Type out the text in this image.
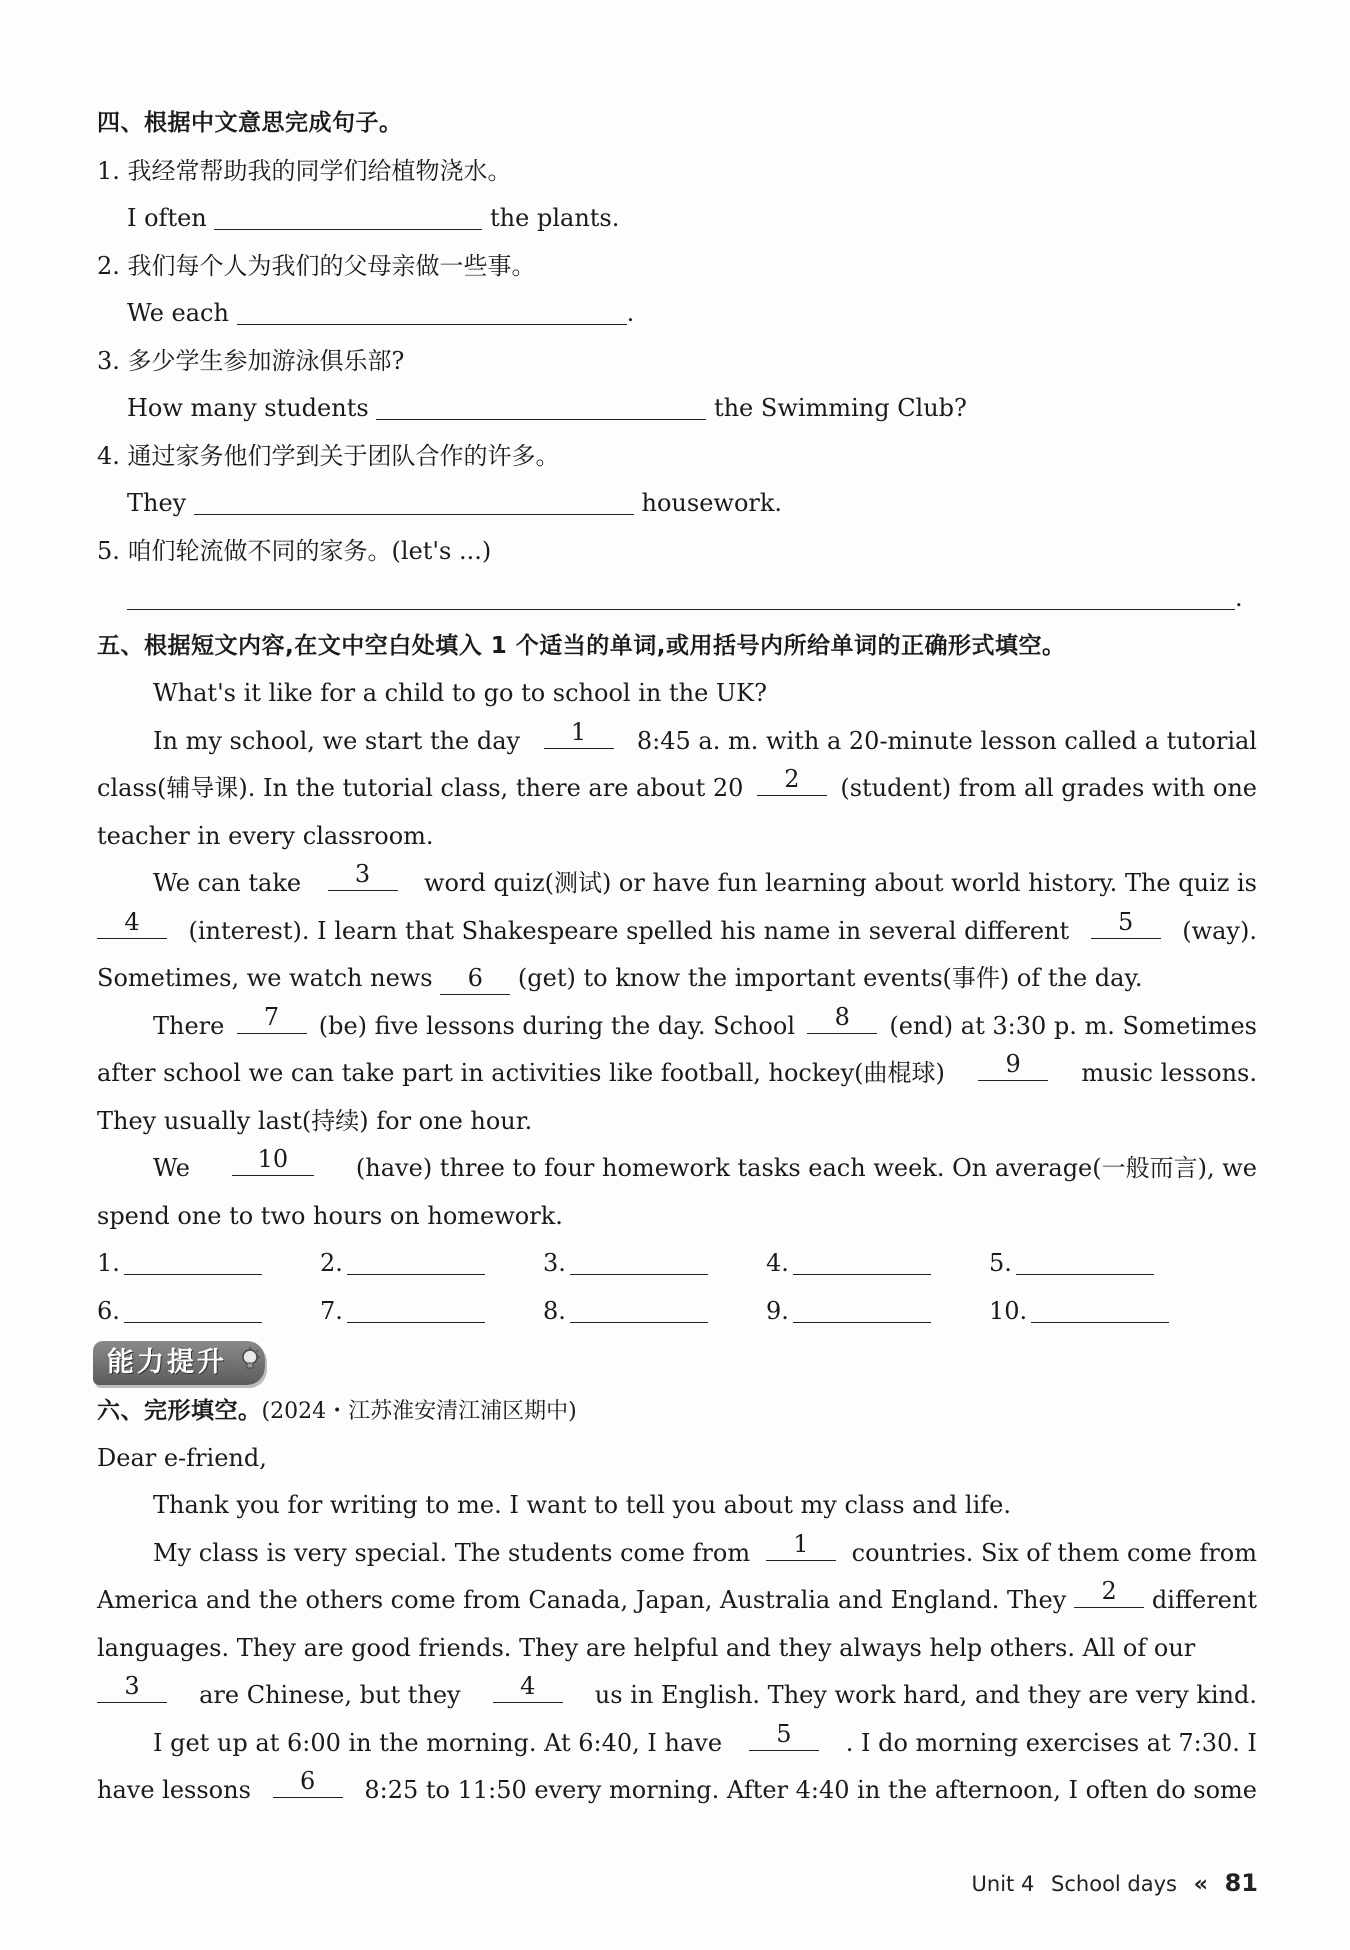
四、根据中文意思完成句子。
1. 我经常帮助我的同学们给植物浇水。
I often	the plants.
2. 我们每个人为我们的父母亲做一些事。
We each	.
3. 多少学生参加游泳俱乐部?
How many students	the Swimming Club?
4. 通过家务他们学到关于团队合作的许多。
They	housework.
5. 咱们轮流做不同的家务。(let's ...)
.
五、根据短文内容,在文中空白处填入 1 个适当的单词,或用括号内所给单词的正确形式填空。
What's it like for a child to go to school in the UK?
In my school, we start the day	1	8:45 a. m. with a 20-minute lesson called a tutorial
class(辅导课). In the tutorial class, there are about 20	2	(student) from all grades with one
teacher in every classroom.
We can take	3	word quiz(测试) or have fun learning about world history. The quiz is
4	(interest). I learn that Shakespeare spelled his name in several different	5	(way).
Sometimes, we watch news 6 (get) to know the important events(事件) of the day.
There	7	(be) five lessons during the day. School	8	(end) at 3:30 p. m. Sometimes
after school we can take part in activities like football, hockey(曲棍球)	9	music lessons.
They usually last(持续) for one hour.
We	10	(have) three to four homework tasks each week. On average(一般而言), we
spend one to two hours on homework.
1.	2.	3.	4.	5.
6.	7.	8.	9.	10.
能力提升
六、完形填空。(2024・江苏淮安清江浦区期中)
Dear e-friend,
Thank you for writing to me. I want to tell you about my class and life.
My class is very special. The students come from	1	countries. Six of them come from
America and the others come from Canada, Japan, Australia and England. They	2	different
languages. They are good friends. They are helpful and they always help others. All of our
3	are Chinese, but they	4	us in English. They work hard, and they are very kind.
I get up at 6:00 in the morning. At 6:40, I have	5	. I do morning exercises at 7:30. I
have lessons	6	8:25 to 11:50 every morning. After 4:40 in the afternoon, I often do some
Unit 4 School days « 81
